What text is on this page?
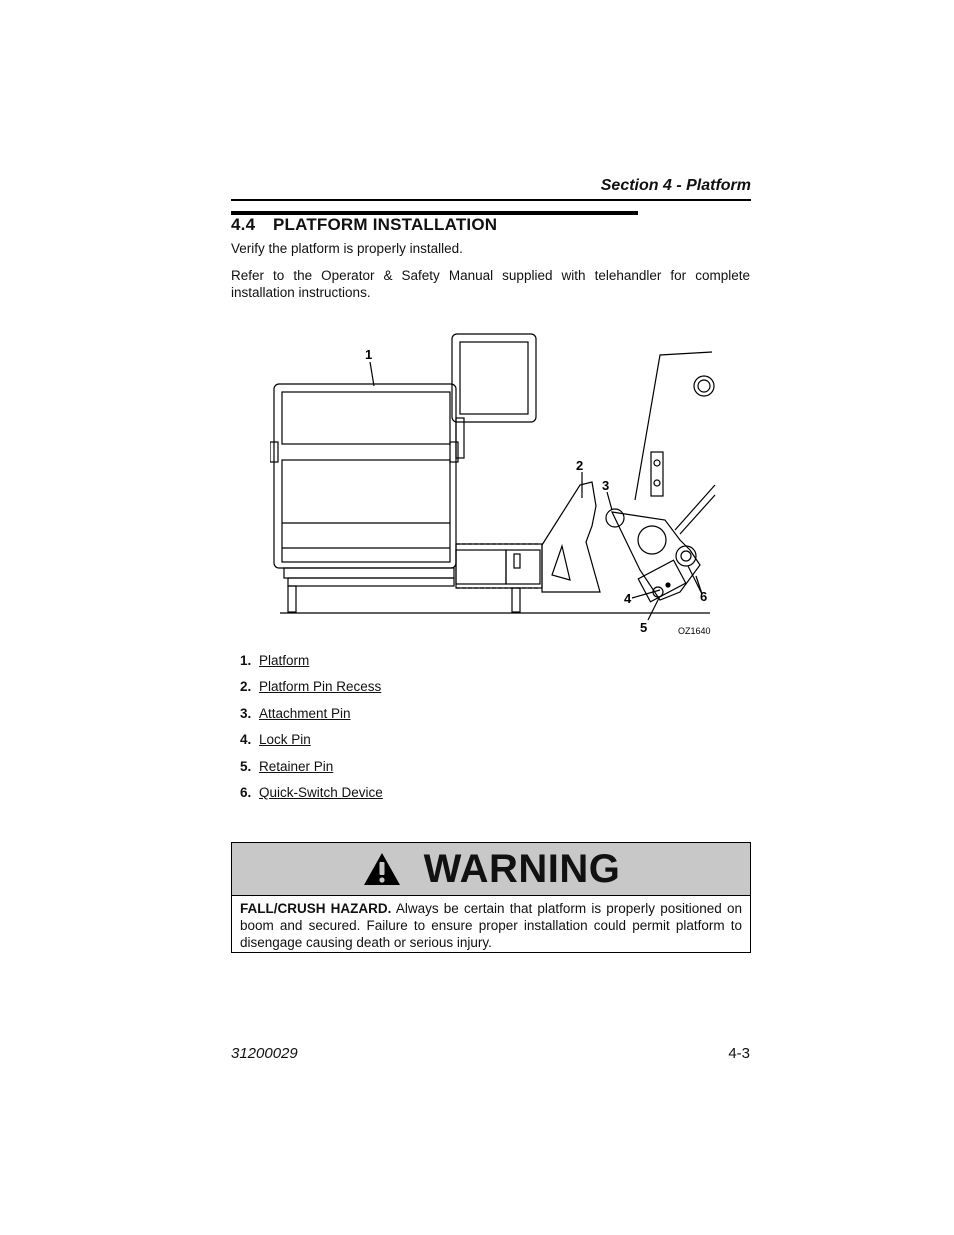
Section 4 - Platform
4.4 PLATFORM INSTALLATION
Verify the platform is properly installed.
Refer to the Operator & Safety Manual supplied with telehandler for complete installation instructions.
1
2
3
4
5
6
OZ1640
1. Platform
2. Platform Pin Recess
3. Attachment Pin
4. Lock Pin
5. Retainer Pin
6. Quick-Switch Device
WARNING
FALL/CRUSH HAZARD. Always be certain that platform is properly positioned on boom and secured. Failure to ensure proper installation could permit platform to disengage causing death or serious injury.
31200029	4-3
